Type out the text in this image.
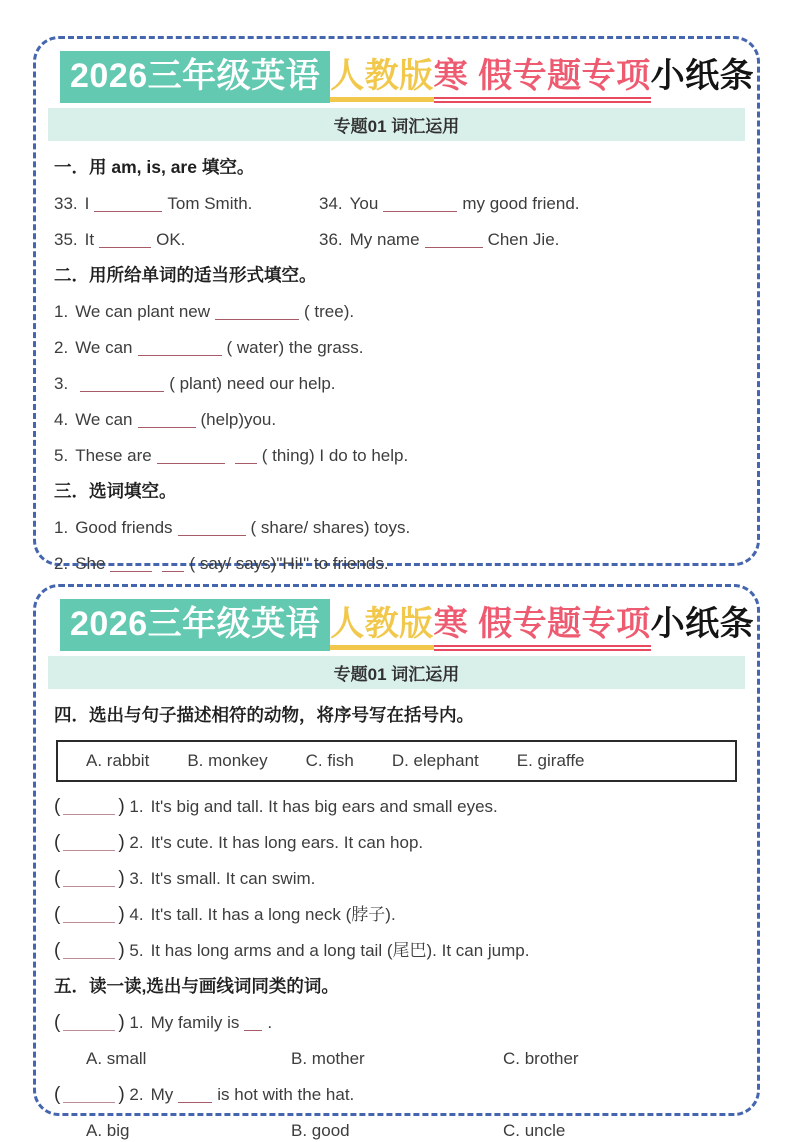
2026三年级英语 人教版寒 假专题专项小纸条
专题01 词汇运用
一．用 am, is, are 填空。
33. I	Tom Smith.	34. You	my good friend.
35. It	OK.	36. My name	Chen Jie.
二．用所给单词的适当形式填空。
1. We can plant new	( tree).
2. We can	( water) the grass.
3.	( plant) need our help.
4. We can	(help)you.
5. These are	( thing) I do to help.
三．选词填空。
1. Good friends	( share/ shares) toys.
2. She	( say/ says)"Hi!" to friends.
2026三年级英语 人教版寒 假专题专项小纸条
专题01 词汇运用
四．选出与句子描述相符的动物，将序号写在括号内。
A. rabbit B. monkey C. fish D. elephant E. giraffe
(	) 1. It's big and tall. It has big ears and small eyes.
(	) 2. It's cute. It has long ears. It can hop.
(	) 3. It's small. It can swim.
(	) 4. It's tall. It has a long neck (脖子).
(	) 5. It has long arms and a long tail (尾巴). It can jump.
五．读一读,选出与画线词同类的词。
(	) 1. My family is .
A. small	B. mother	C. brother
(	) 2. My	is hot with the hat.
A. big	B. good	C. uncle
